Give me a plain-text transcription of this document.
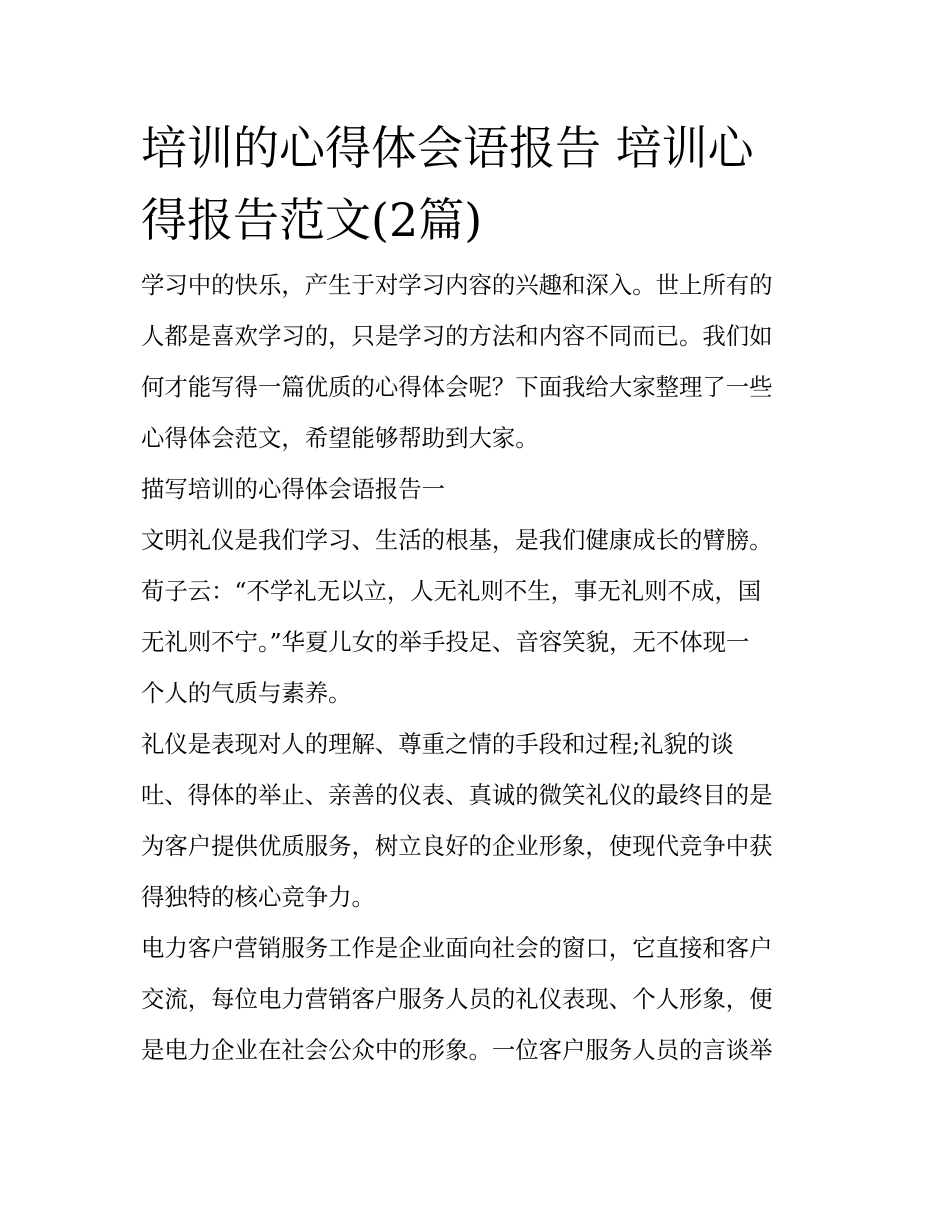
培训的心得体会语报告 培训心
得报告范文(2篇)

学习中的快乐，产生于对学习内容的兴趣和深入。世上所有的
人都是喜欢学习的，只是学习的方法和内容不同而已。我们如
何才能写得一篇优质的心得体会呢？下面我给大家整理了一些
心得体会范文，希望能够帮助到大家。

描写培训的心得体会语报告一

文明礼仪是我们学习、生活的根基，是我们健康成长的臂膀。
荀子云：“不学礼无以立，人无礼则不生，事无礼则不成，国
无礼则不宁。”华夏儿女的举手投足、音容笑貌，无不体现一
个人的气质与素养。

礼仪是表现对人的理解、尊重之情的手段和过程;礼貌的谈
吐、得体的举止、亲善的仪表、真诚的微笑礼仪的最终目的是
为客户提供优质服务，树立良好的企业形象，使现代竞争中获
得独特的核心竞争力。

电力客户营销服务工作是企业面向社会的窗口，它直接和客户
交流，每位电力营销客户服务人员的礼仪表现、个人形象，便
是电力企业在社会公众中的形象。一位客户服务人员的言谈举
